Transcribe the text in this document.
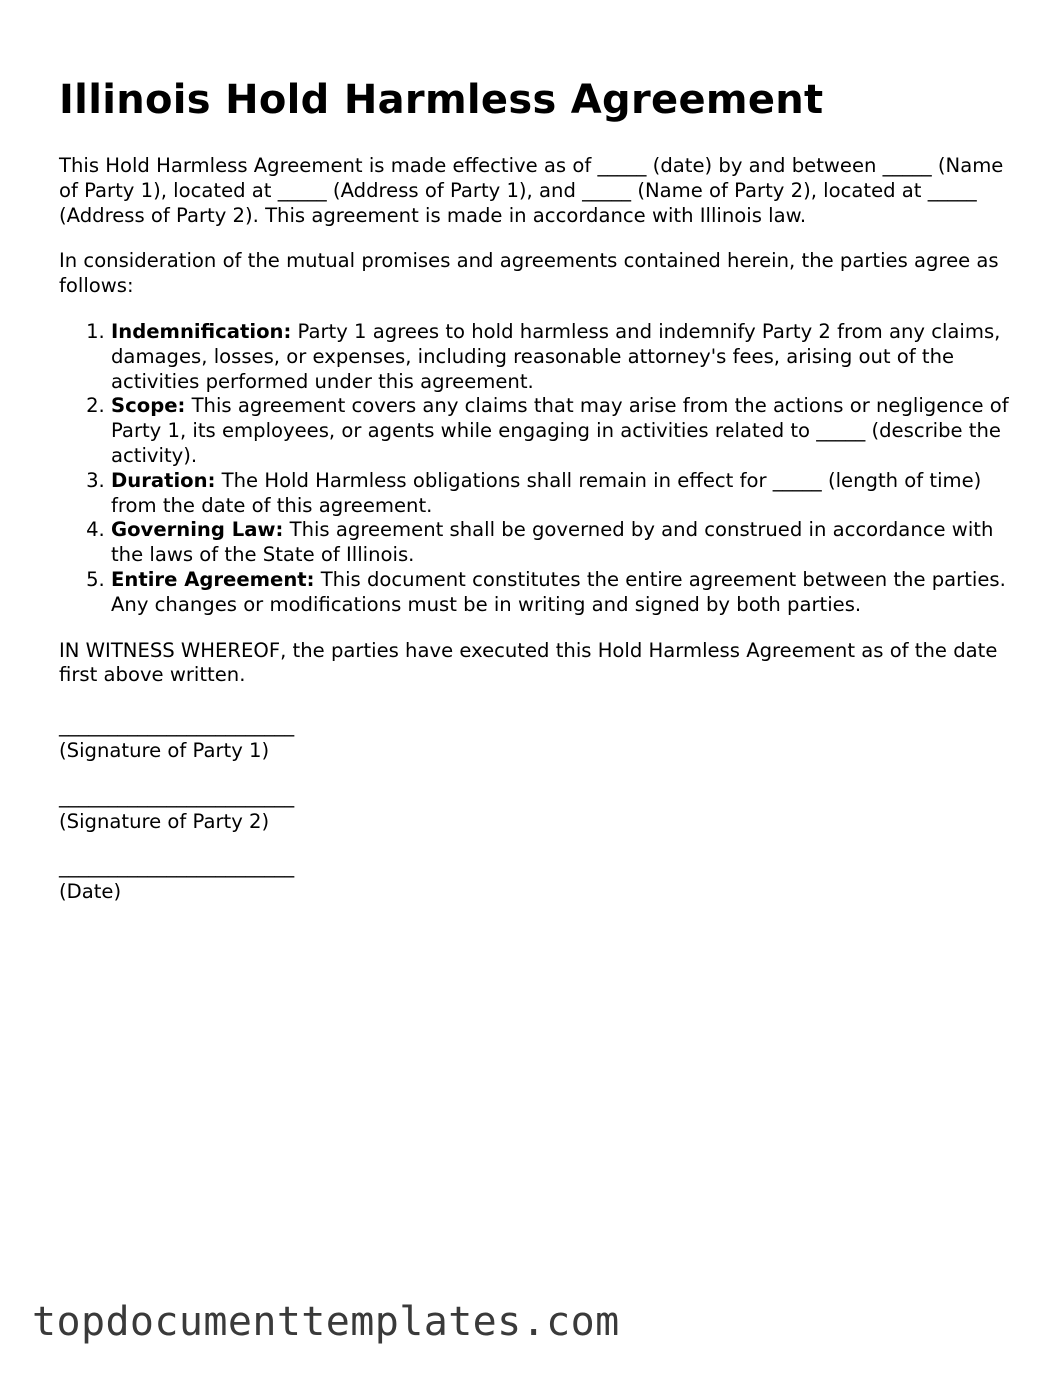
Illinois Hold Harmless Agreement

This Hold Harmless Agreement is made effective as of _____ (date) by and between _____ (Name of Party 1), located at _____ (Address of Party 1), and _____ (Name of Party 2), located at _____ (Address of Party 2). This agreement is made in accordance with Illinois law.

In consideration of the mutual promises and agreements contained herein, the parties agree as follows:

1. Indemnification: Party 1 agrees to hold harmless and indemnify Party 2 from any claims, damages, losses, or expenses, including reasonable attorney's fees, arising out of the activities performed under this agreement.
2. Scope: This agreement covers any claims that may arise from the actions or negligence of Party 1, its employees, or agents while engaging in activities related to _____ (describe the activity).
3. Duration: The Hold Harmless obligations shall remain in effect for _____ (length of time) from the date of this agreement.
4. Governing Law: This agreement shall be governed by and construed in accordance with the laws of the State of Illinois.
5. Entire Agreement: This document constitutes the entire agreement between the parties. Any changes or modifications must be in writing and signed by both parties.

IN WITNESS WHEREOF, the parties have executed this Hold Harmless Agreement as of the date first above written.

________________________
(Signature of Party 1)
________________________
(Signature of Party 2)
________________________
(Date)
topdocumenttemplates.com
